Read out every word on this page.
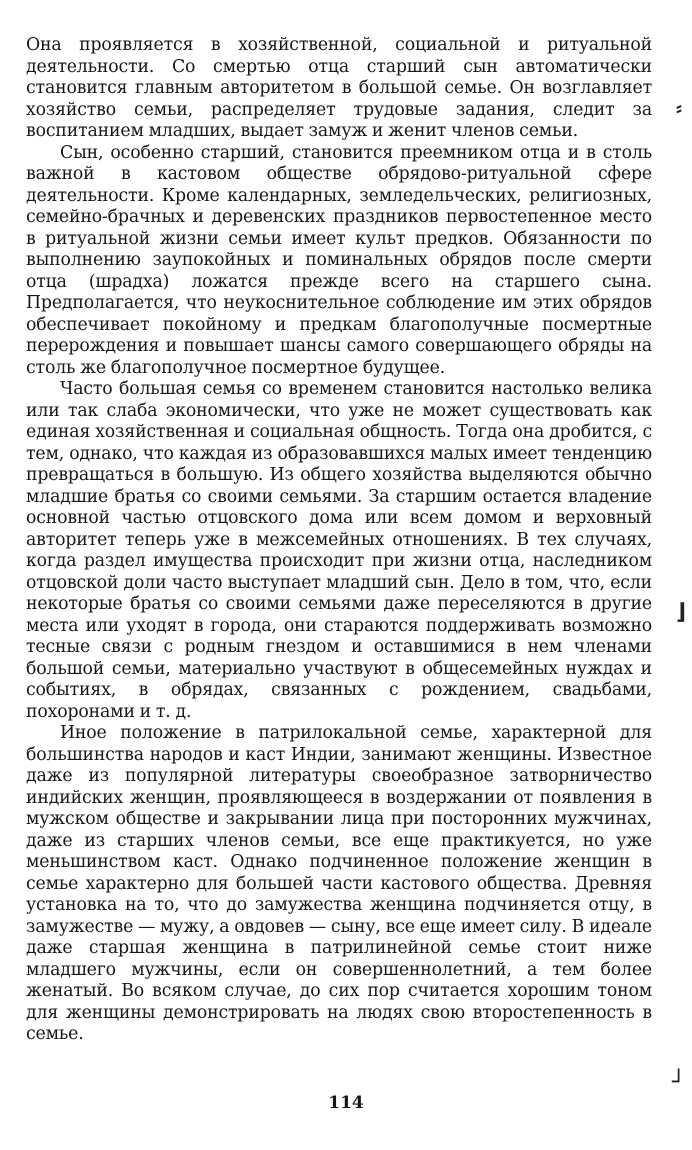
Она проявляется в хозяйственной, социальной и ритуальной деятельности. Со смертью отца старший сын автоматически становится главным авторитетом в большой семье. Он возглавляет хозяйство семьи, распределяет трудовые задания, следит за воспитанием младших, выдает замуж и женит членов семьи.

Сын, особенно старший, становится преемником отца и в столь важной в кастовом обществе обрядово-ритуальной сфере деятельности. Кроме календарных, земледельческих, религиозных, семейно-брачных и деревенских праздников первостепенное место в ритуальной жизни семьи имеет культ предков. Обязанности по выполнению заупокойных и поминальных обрядов после смерти отца (шрадха) ложатся прежде всего на старшего сына. Предполагается, что неукоснительное соблюдение им этих обрядов обеспечивает покойному и предкам благополучные посмертные перерождения и повышает шансы самого совершающего обряды на столь же благополучное посмертное будущее.

Часто большая семья со временем становится настолько велика или так слаба экономически, что уже не может существовать как единая хозяйственная и социальная общность. Тогда она дробится, с тем, однако, что каждая из образовавшихся малых имеет тенденцию превращаться в большую. Из общего хозяйства выделяются обычно младшие братья со своими семьями. За старшим остается владение основной частью отцовского дома или всем домом и верховный авторитет теперь уже в межсемейных отношениях. В тех случаях, когда раздел имущества происходит при жизни отца, наследником отцовской доли часто выступает младший сын. Дело в том, что, если некоторые братья со своими семьями даже переселяются в другие места или уходят в города, они стараются поддерживать возможно тесные связи с родным гнездом и оставшимися в нем членами большой семьи, материально участвуют в общесемейных нуждах и событиях, в обрядах, связанных с рождением, свадьбами, похоронами и т. д.

Иное положение в патрилокальной семье, характерной для большинства народов и каст Индии, занимают женщины. Известное даже из популярной литературы своеобразное затворничество индийских женщин, проявляющееся в воздержании от появления в мужском обществе и закрывании лица при посторонних мужчинах, даже из старших членов семьи, все еще практикуется, но уже меньшинством каст. Однако подчиненное положение женщин в семье характерно для большей части кастового общества. Древняя установка на то, что до замужества женщина подчиняется отцу, в замужестве — мужу, а овдовев — сыну, все еще имеет силу. В идеале даже старшая женщина в патрилинейной семье стоит ниже младшего мужчины, если он совершеннолетний, а тем более женатый. Во всяком случае, до сих пор считается хорошим тоном для женщины демонстрировать на людях свою второстепенность в семье.

114
⸗
⌋
┘
